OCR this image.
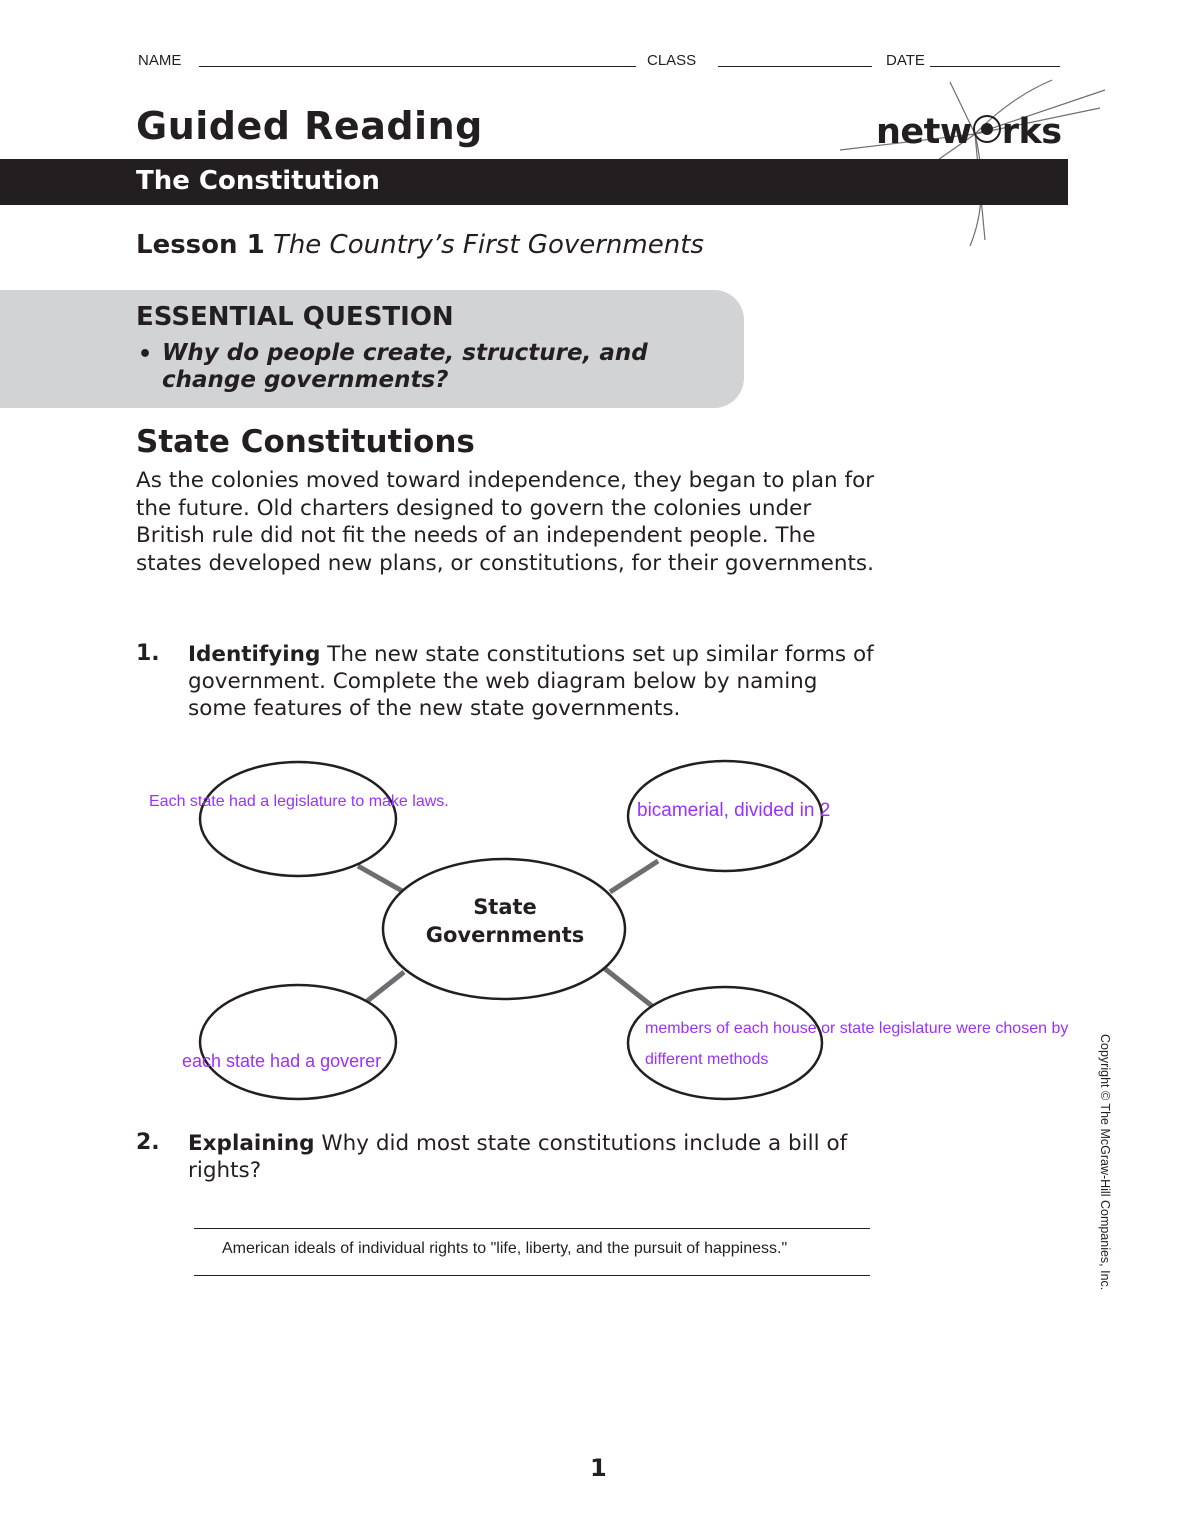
NAME	CLASS	DATE
Guided Reading	netw rks
The Constitution
Lesson 1 The Country’s First Governments
ESSENTIAL QUESTION
• Why do people create, structure, and change governments?
State Constitutions
As the colonies moved toward independence, they began to plan for the future. Old charters designed to govern the colonies under British rule did not fit the needs of an independent people. The states developed new plans, or constitutions, for their governments.
1. Identifying The new state constitutions set up similar forms of government. Complete the web diagram below by naming some features of the new state governments.
State
Governments
Each state had a legislature to make laws.	bicamerial, divided in 2
each state had a goverer
members of each house or state legislature were chosen by
different methods
2. Explaining Why did most state constitutions include a bill of rights?
American ideals of individual rights to "life, liberty, and the pursuit of happiness."	Copyright © The McGraw-Hill Companies, Inc.
1
